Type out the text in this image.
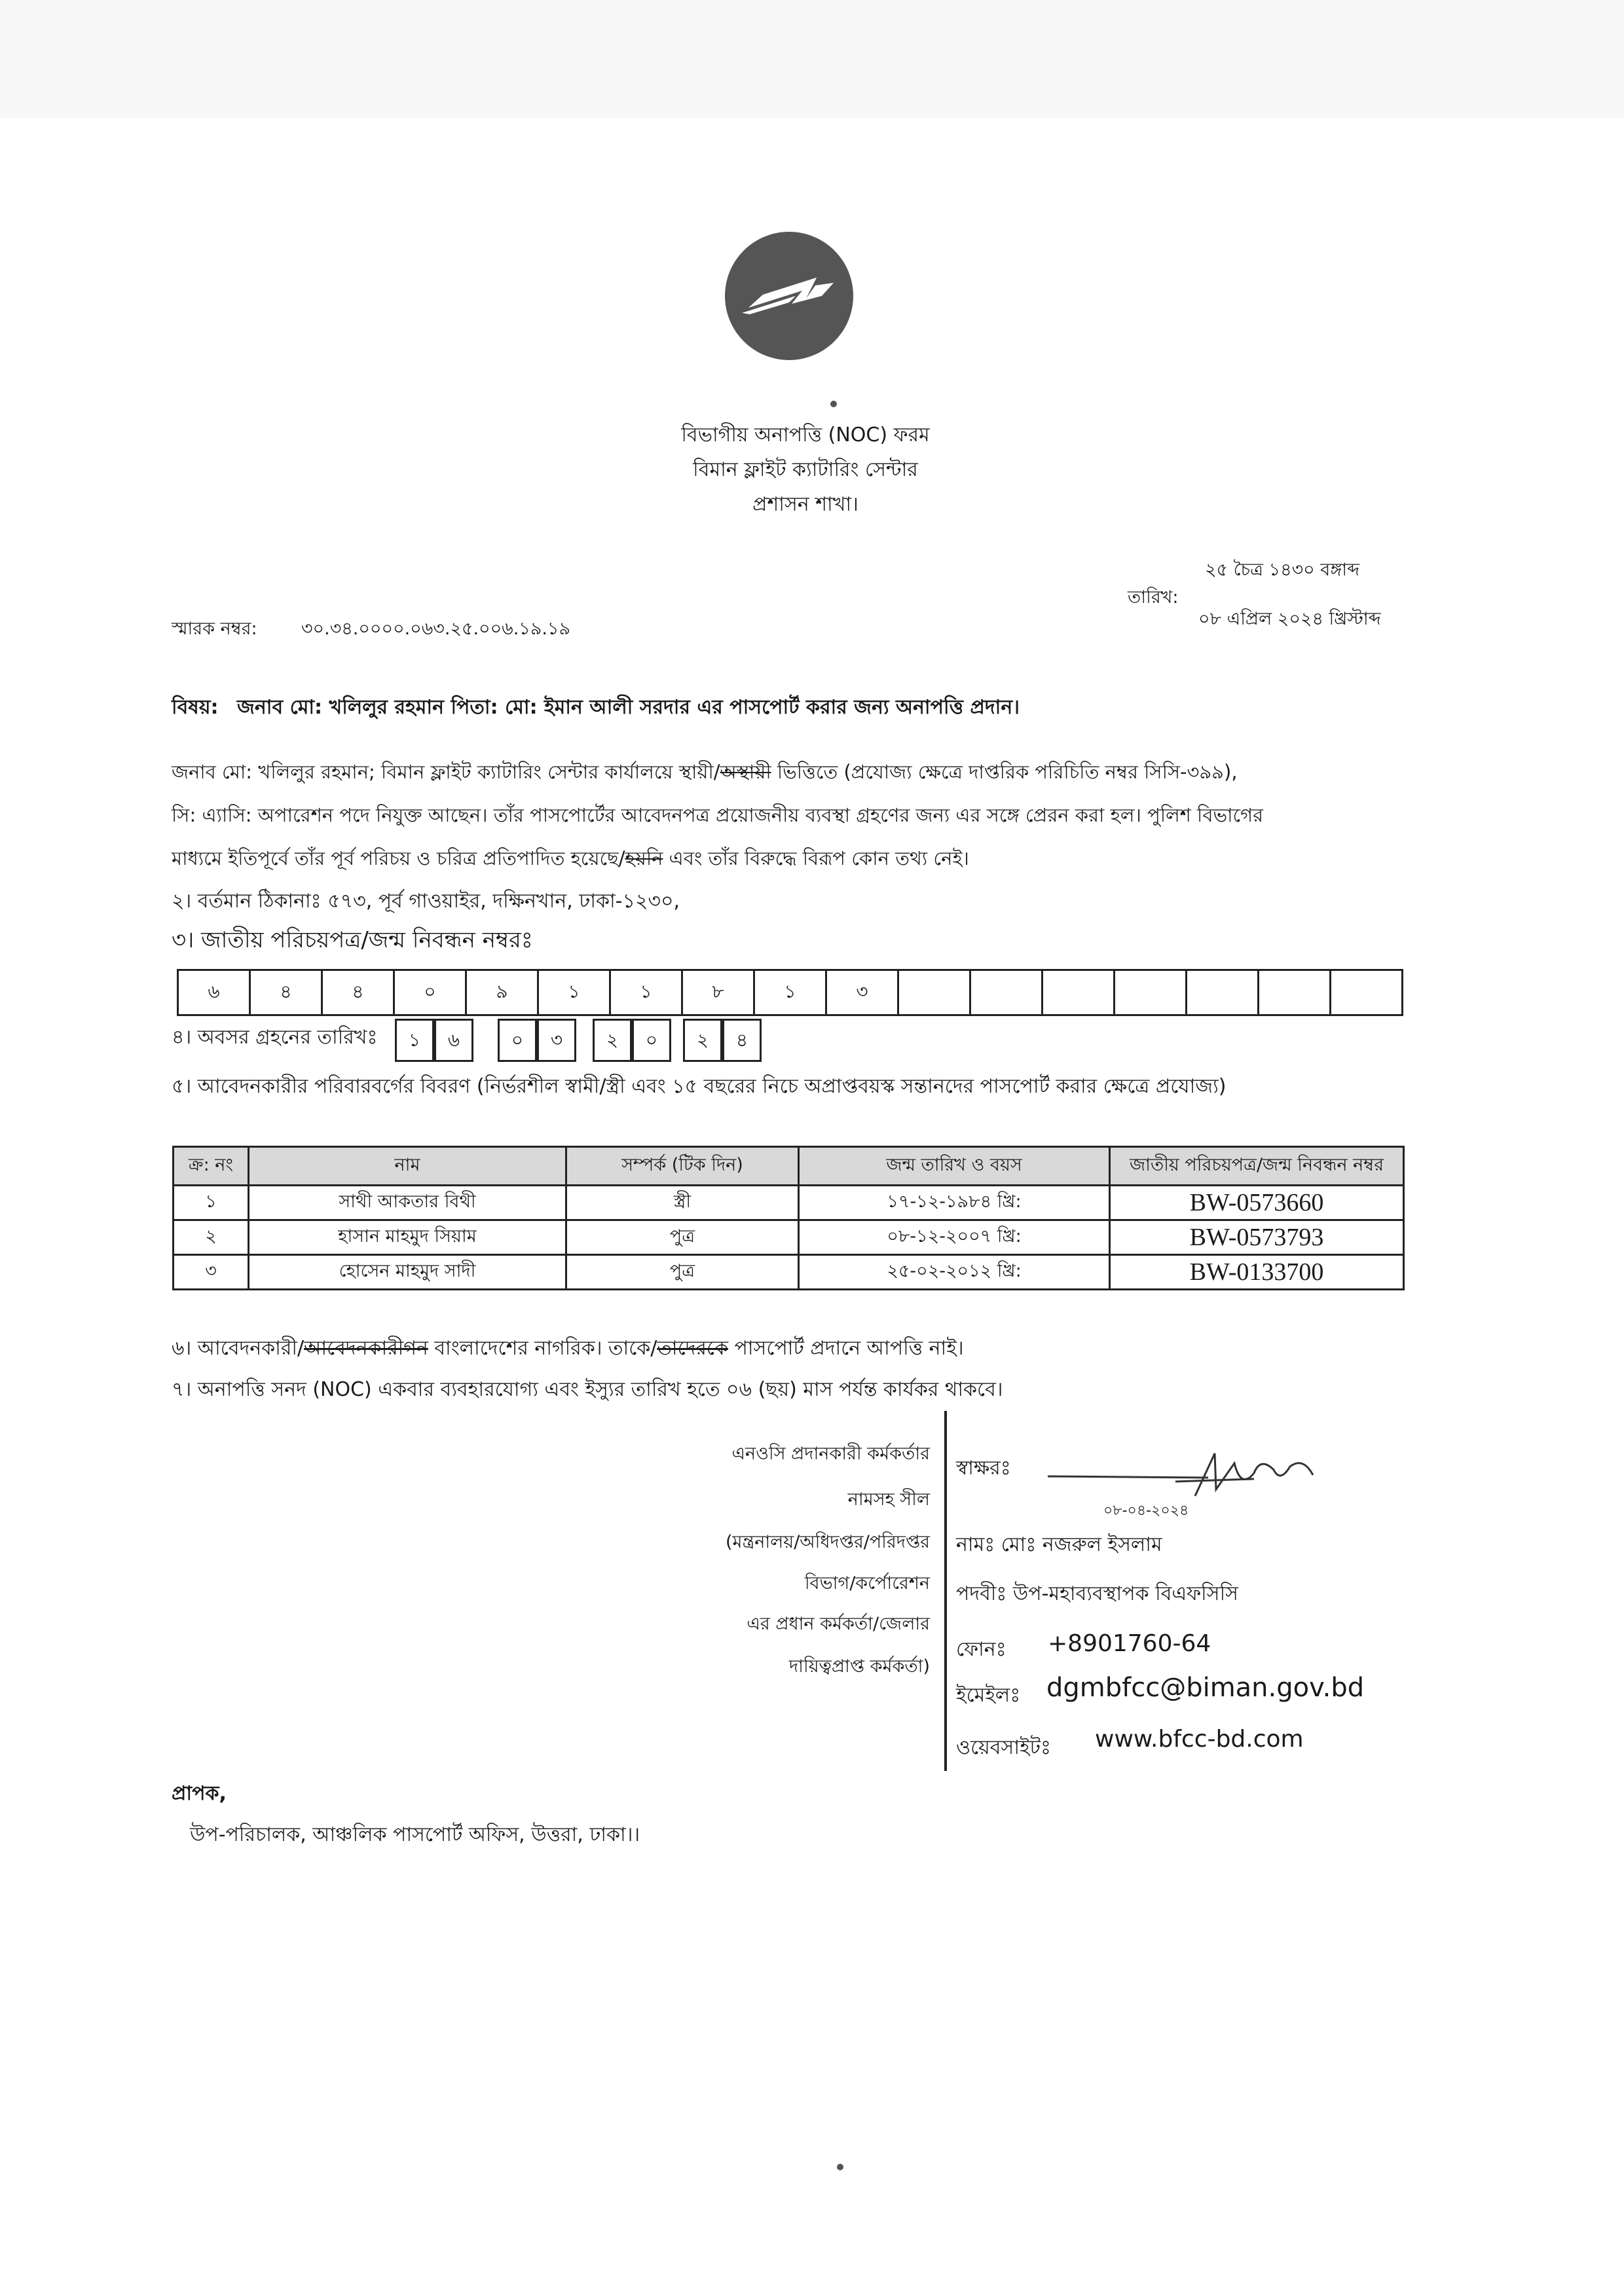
বিভাগীয় অনাপত্তি (NOC) ফরম
বিমান ফ্লাইট ক্যাটারিং সেন্টার
প্রশাসন শাখা।
২৫ চৈত্র ১৪৩০ বঙ্গাব্দ
তারিখ:
০৮ এপ্রিল ২০২৪ খ্রিস্টাব্দ
স্মারক নম্বর: ৩০.৩৪.০০০০.০৬৩.২৫.০০৬.১৯.১৯
বিষয়: জনাব মো: খলিলুর রহমান পিতা: মো: ইমান আলী সরদার এর পাসপোর্ট করার জন্য অনাপত্তি প্রদান।
জনাব মো: খলিলুর রহমান; বিমান ফ্লাইট ক্যাটারিং সেন্টার কার্যালয়ে স্থায়ী/অস্থায়ী ভিত্তিতে (প্রযোজ্য ক্ষেত্রে দাপ্তরিক পরিচিতি নম্বর সিসি-৩৯৯),
সি: এ্যাসি: অপারেশন পদে নিযুক্ত আছেন। তাঁর পাসপোর্টের আবেদনপত্র প্রয়োজনীয় ব্যবস্থা গ্রহণের জন্য এর সঙ্গে প্রেরন করা হল। পুলিশ বিভাগের
মাধ্যমে ইতিপূর্বে তাঁর পূর্ব পরিচয় ও চরিত্র প্রতিপাদিত হয়েছে/হয়নি এবং তাঁর বিরুদ্ধে বিরূপ কোন তথ্য নেই।
২। বর্তমান ঠিকানাঃ ৫৭৩, পূর্ব গাওয়াইর, দক্ষিনখান, ঢাকা-১২৩০,
৩। জাতীয় পরিচয়পত্র/জন্ম নিবন্ধন নম্বরঃ
৬	৪	৪	০	৯	১	১	৮	১	৩							
৪। অবসর গ্রহনের তারিখঃ	১	৬	০	৩	২	০	২	৪
৫। আবেদনকারীর পরিবারবর্গের বিবরণ (নির্ভরশীল স্বামী/স্ত্রী এবং ১৫ বছরের নিচে অপ্রাপ্তবয়স্ক সন্তানদের পাসপোর্ট করার ক্ষেত্রে প্রযোজ্য)
ক্র: নং	নাম	সম্পর্ক (টিক দিন)	জন্ম তারিখ ও বয়স	জাতীয় পরিচয়পত্র/জন্ম নিবন্ধন নম্বর
১	সাথী আকতার বিথী	স্ত্রী	১৭-১২-১৯৮৪ খ্রি:	BW-0573660
২	হাসান মাহমুদ সিয়াম	পুত্র	০৮-১২-২০০৭ খ্রি:	BW-0573793
৩	হোসেন মাহমুদ সাদী	পুত্র	২৫-০২-২০১২ খ্রি:	BW-0133700
৬। আবেদনকারী/আবেদনকারীগন বাংলাদেশের নাগরিক। তাকে/তাদেরকে পাসপোর্ট প্রদানে আপত্তি নাই।
৭। অনাপত্তি সনদ (NOC) একবার ব্যবহারযোগ্য এবং ইস্যুর তারিখ হতে ০৬ (ছয়) মাস পর্যন্ত কার্যকর থাকবে।
এনওসি প্রদানকারী কর্মকর্তার
নামসহ সীল
(মন্ত্রনালয়/অধিদপ্তর/পরিদপ্তর
বিভাগ/কর্পোরেশন
এর প্রধান কর্মকর্তা/জেলার
দায়িত্বপ্রাপ্ত কর্মকর্তা)
স্বাক্ষরঃ
০৮-০৪-২০২৪
নামঃ মোঃ নজরুল ইসলাম
পদবীঃ উপ-মহাব্যবস্থাপক বিএফসিসি
ফোনঃ +8901760-64
ইমেইলঃ dgmbfcc@biman.gov.bd
ওয়েবসাইটঃ www.bfcc-bd.com
প্রাপক,
উপ-পরিচালক, আঞ্চলিক পাসপোর্ট অফিস, উত্তরা, ঢাকা।।
